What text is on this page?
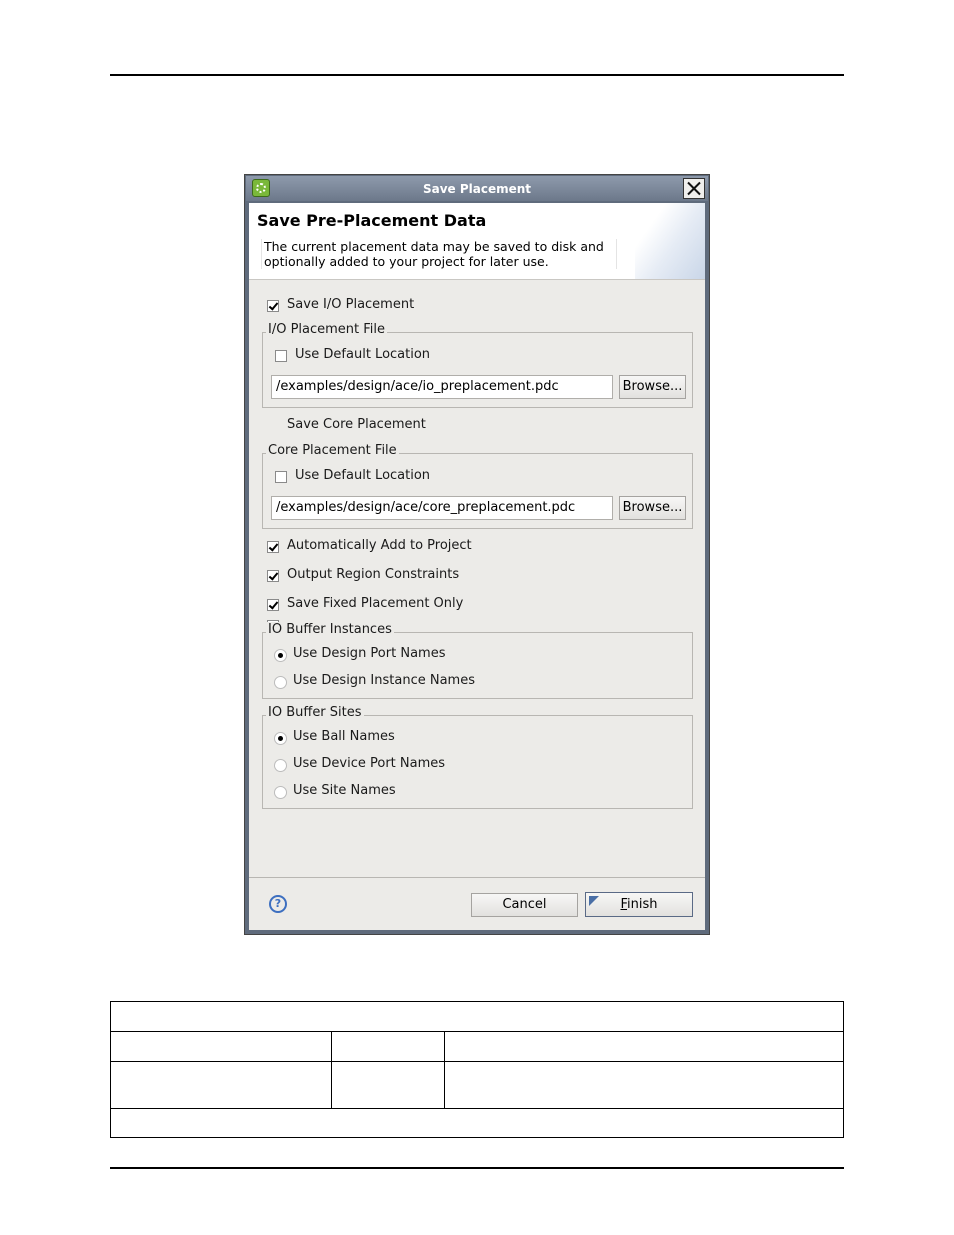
Save Placement
Save Pre-Placement Data
The current placement data may be saved to disk and
optionally added to your project for later use.
Save I/O Placement
I/O Placement File
Use Default Location
/examples/design/ace/io_preplacement.pdc	Browse...
Save Core Placement
Core Placement File
Use Default Location
/examples/design/ace/core_preplacement.pdc	Browse...
Automatically Add to Project
Output Region Constraints
Save Fixed Placement Only
IO Buffer Instances
Use Design Port Names
Use Design Instance Names
IO Buffer Sites
Use Ball Names
Use Device Port Names
Use Site Names
?	Cancel	Finish
